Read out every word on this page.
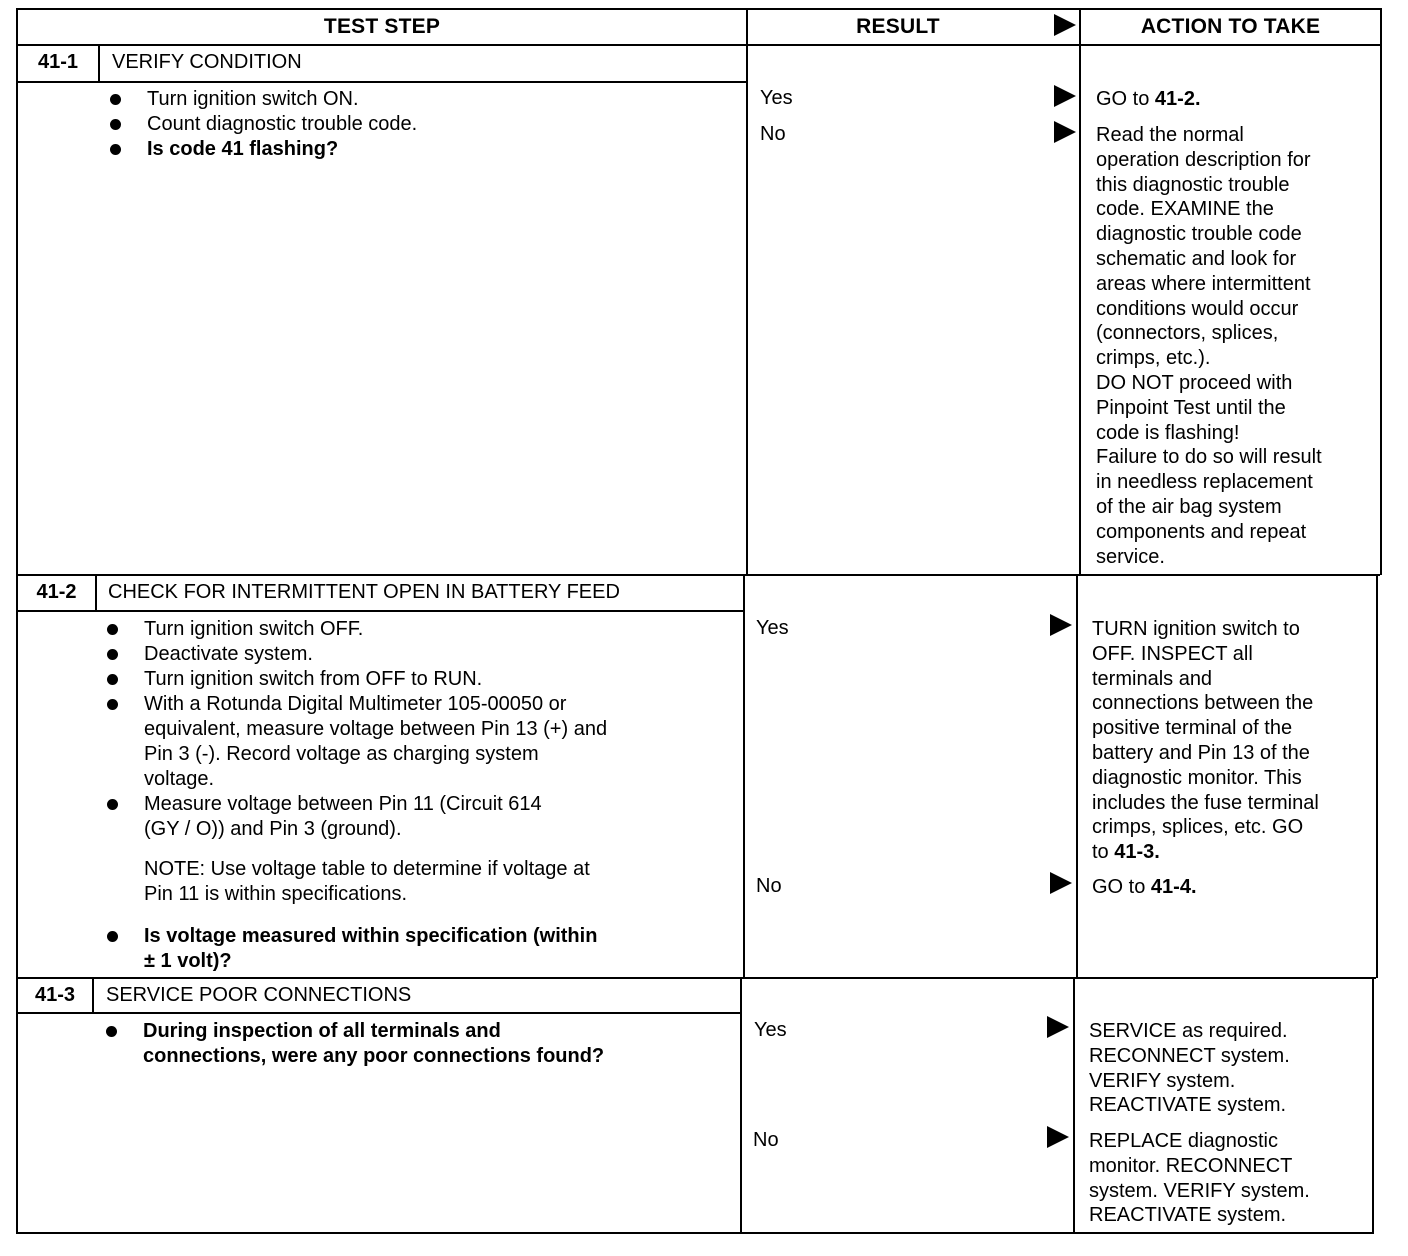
TEST STEP	RESULT	ACTION TO TAKE
41-1	VERIFY CONDITION
Turn ignition switch ON.
Count diagnostic trouble code.
Is code 41 flashing?
Yes	GO to 41-2.
No	Read the normal
operation description for
this diagnostic trouble
code. EXAMINE the
diagnostic trouble code
schematic and look for
areas where intermittent
conditions would occur
(connectors, splices,
crimps, etc.).
DO NOT proceed with
Pinpoint Test until the
code is flashing!
Failure to do so will result
in needless replacement
of the air bag system
components and repeat
service.
41-2	CHECK FOR INTERMITTENT OPEN IN BATTERY FEED
Turn ignition switch OFF.
Deactivate system.
Turn ignition switch from OFF to RUN.
With a Rotunda Digital Multimeter 105-00050 or
equivalent, measure voltage between Pin 13 (+) and
Pin 3 (-). Record voltage as charging system
voltage.
Measure voltage between Pin 11 (Circuit 614
(GY / O)) and Pin 3 (ground).
NOTE: Use voltage table to determine if voltage at
Pin 11 is within specifications.
Is voltage measured within specification (within
± 1 volt)?
Yes	TURN ignition switch to
OFF. INSPECT all
terminals and
connections between the
positive terminal of the
battery and Pin 13 of the
diagnostic monitor. This
includes the fuse terminal
crimps, splices, etc. GO
to 41-3.
No	GO to 41-4.
41-3	SERVICE POOR CONNECTIONS
During inspection of all terminals and
connections, were any poor connections found?
Yes	SERVICE as required.
RECONNECT system.
VERIFY system.
REACTIVATE system.
No	REPLACE diagnostic
monitor. RECONNECT
system. VERIFY system.
REACTIVATE system.
